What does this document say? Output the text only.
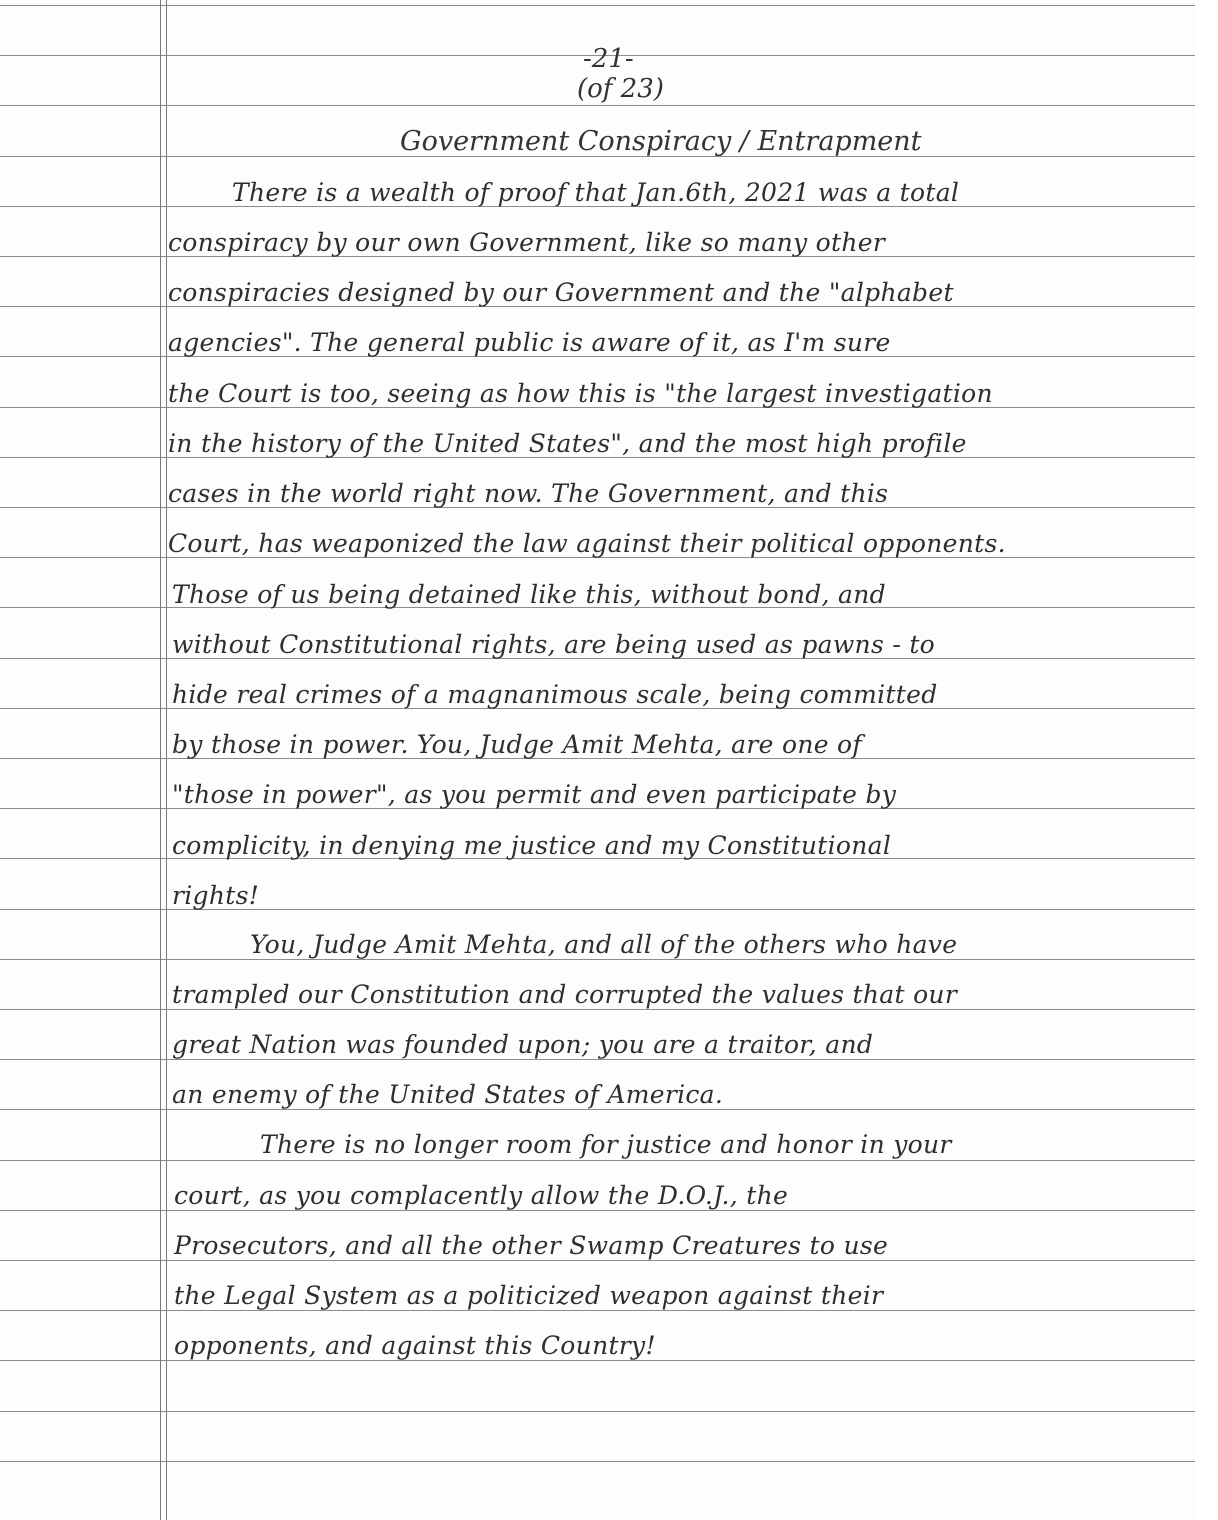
-21-
(of 23)
Government Conspiracy / Entrapment
There is a wealth of proof that Jan.6th, 2021 was a total
conspiracy by our own Government, like so many other
conspiracies designed by our Government and the "alphabet
agencies". The general public is aware of it, as I'm sure
the Court is too, seeing as how this is "the largest investigation
in the history of the United States", and the most high profile
cases in the world right now. The Government, and this
Court, has weaponized the law against their political opponents.
Those of us being detained like this, without bond, and
without Constitutional rights, are being used as pawns - to
hide real crimes of a magnanimous scale, being committed
by those in power. You, Judge Amit Mehta, are one of
"those in power", as you permit and even participate by
complicity, in denying me justice and my Constitutional
rights!
You, Judge Amit Mehta, and all of the others who have
trampled our Constitution and corrupted the values that our
great Nation was founded upon; you are a traitor, and
an enemy of the United States of America.
There is no longer room for justice and honor in your
court, as you complacently allow the D.O.J., the
Prosecutors, and all the other Swamp Creatures to use
the Legal System as a politicized weapon against their
opponents, and against this Country!
